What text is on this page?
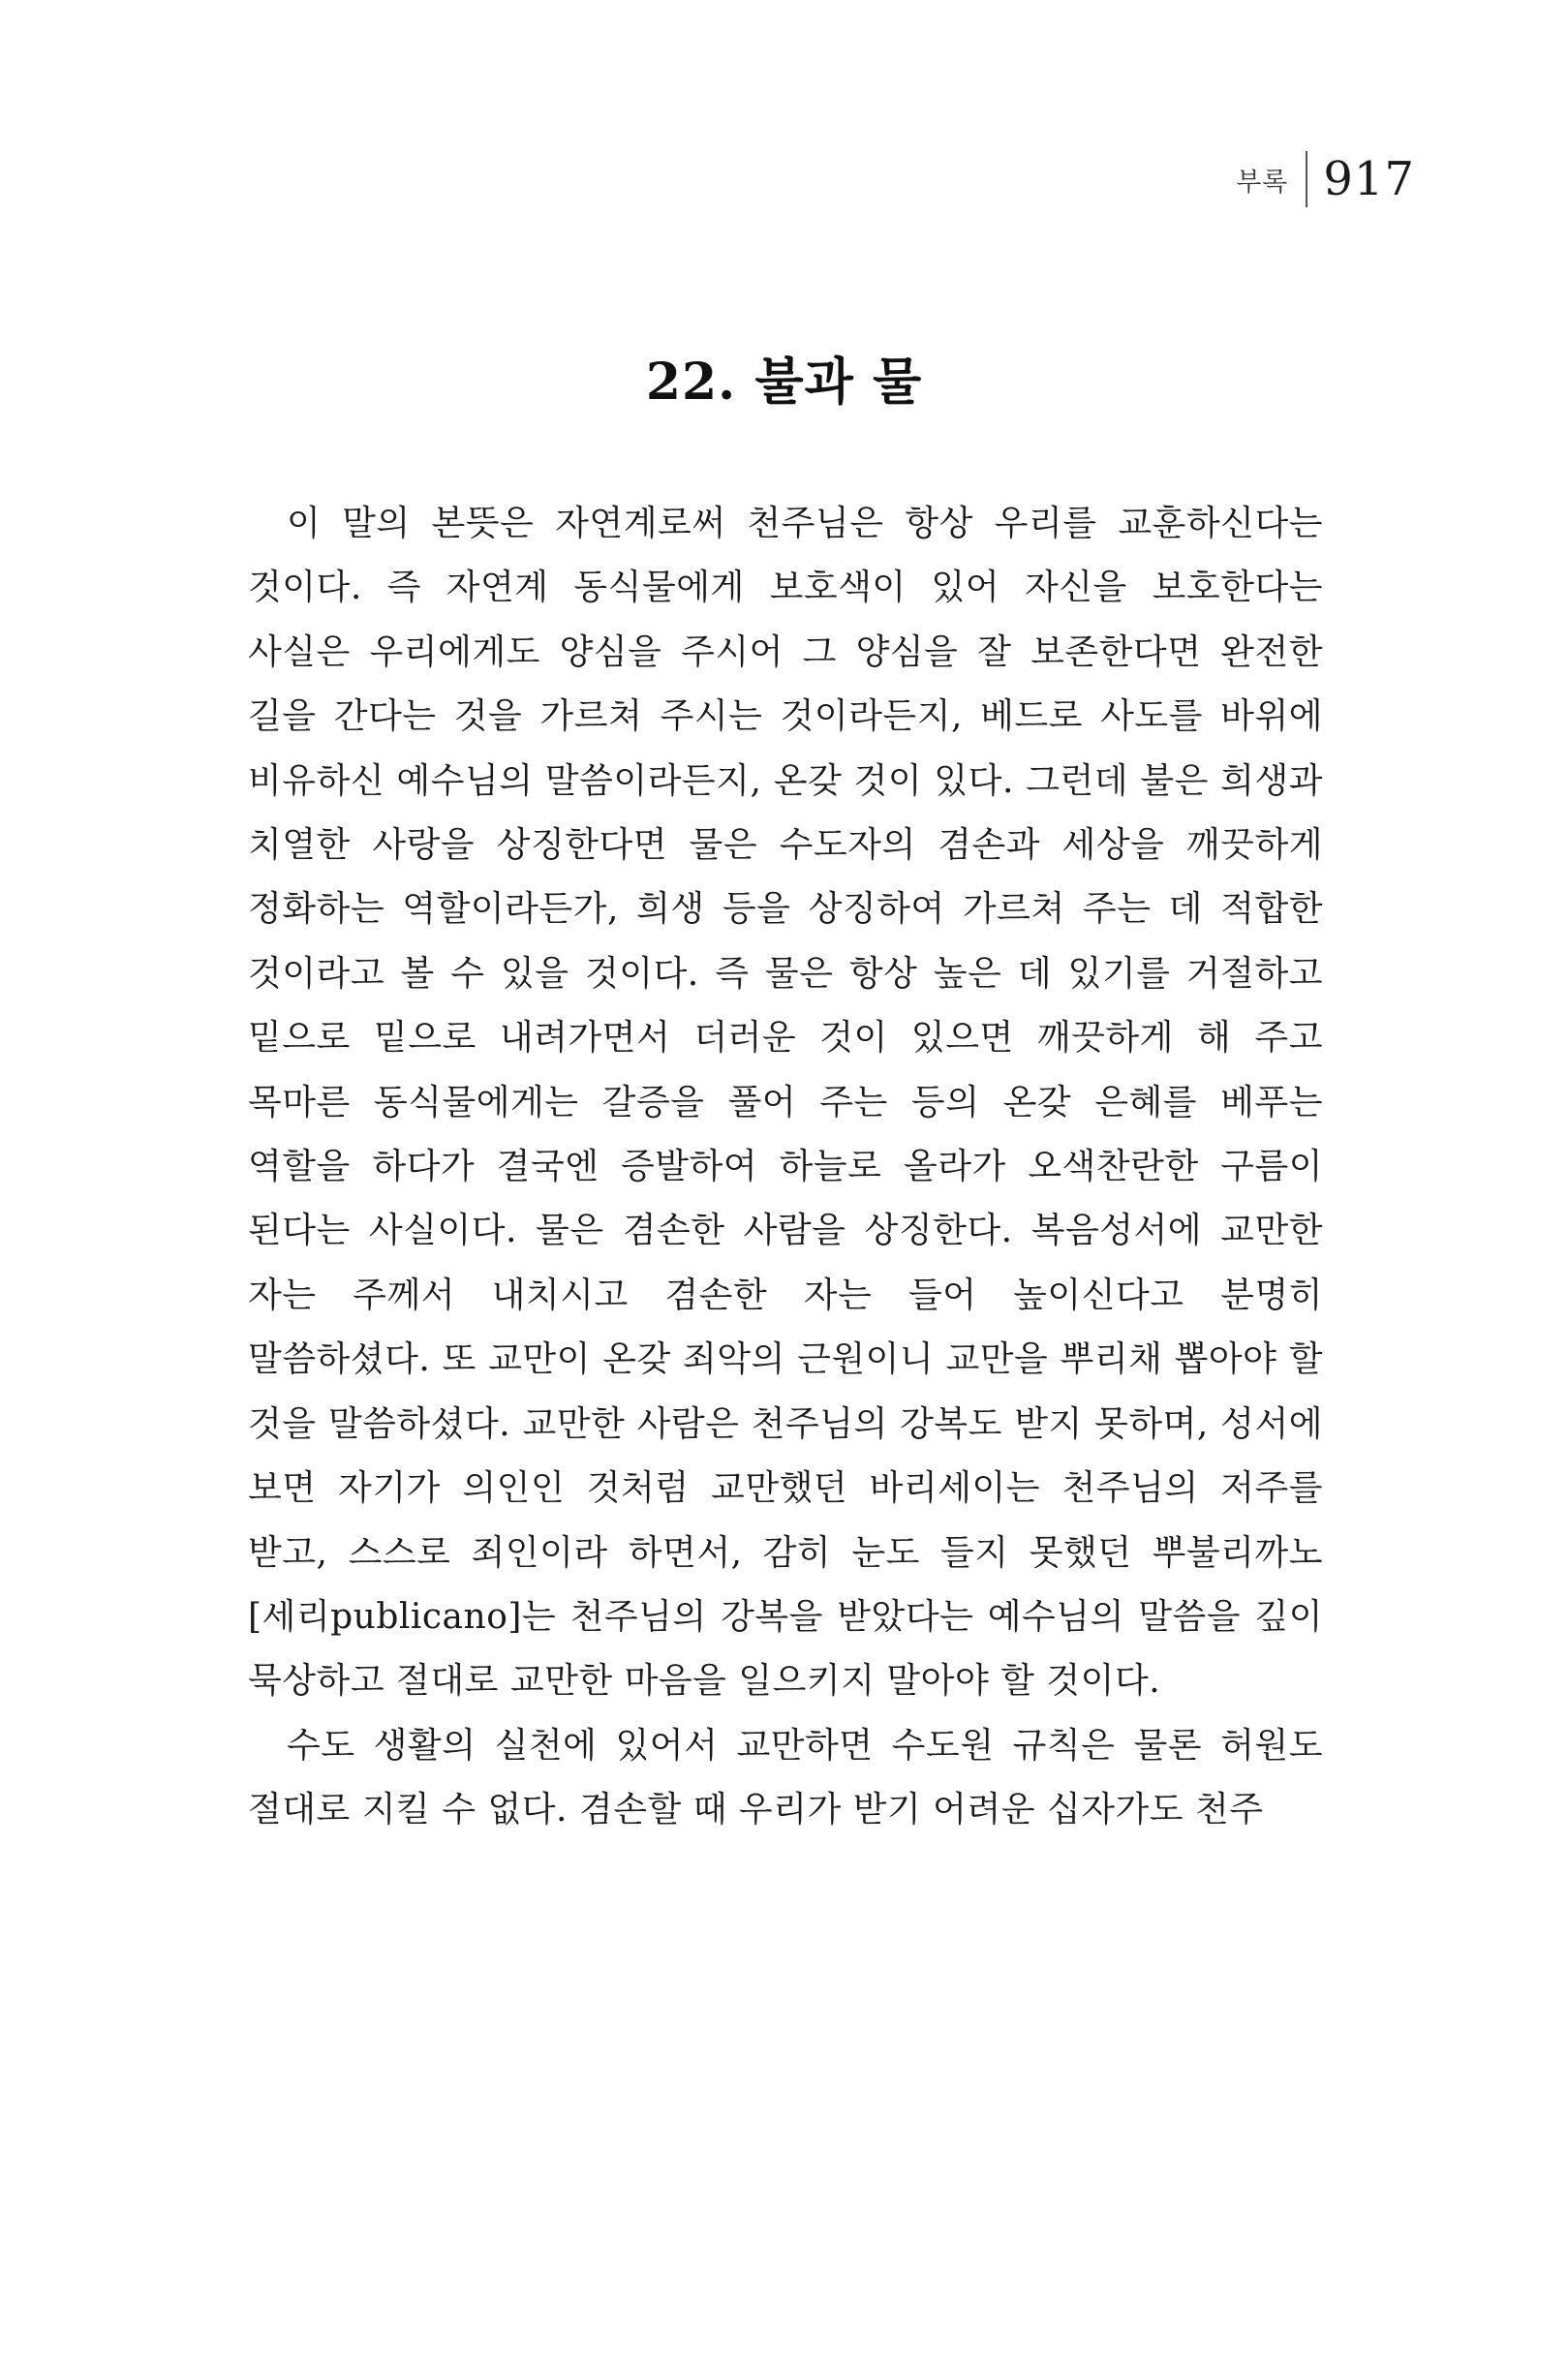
부록 917
22. 불과 물

이 말의 본뜻은 자연계로써 천주님은 항상 우리를 교훈하신다는 것이다. 즉 자연계 동식물에게 보호색이 있어 자신을 보호한다는 사실은 우리에게도 양심을 주시어 그 양심을 잘 보존한다면 완전한 길을 간다는 것을 가르쳐 주시는 것이라든지, 베드로 사도를 바위에 비유하신 예수님의 말씀이라든지, 온갖 것이 있다. 그런데 불은 희생과 치열한 사랑을 상징한다면 물은 수도자의 겸손과 세상을 깨끗하게 정화하는 역할이라든가, 희생 등을 상징하여 가르쳐 주는 데 적합한 것이라고 볼 수 있을 것이다. 즉 물은 항상 높은 데 있기를 거절하고 밑으로 밑으로 내려가면서 더러운 것이 있으면 깨끗하게 해 주고 목마른 동식물에게는 갈증을 풀어 주는 등의 온갖 은혜를 베푸는 역할을 하다가 결국엔 증발하여 하늘로 올라가 오색찬란한 구름이 된다는 사실이다. 물은 겸손한 사람을 상징한다. 복음성서에 교만한 자는 주께서 내치시고 겸손한 자는 들어 높이신다고 분명히 말씀하셨다. 또 교만이 온갖 죄악의 근원이니 교만을 뿌리채 뽑아야 할 것을 말씀하셨다. 교만한 사람은 천주님의 강복도 받지 못하며, 성서에 보면 자기가 의인인 것처럼 교만했던 바리세이는 천주님의 저주를 받고, 스스로 죄인이라 하면서, 감히 눈도 들지 못했던 뿌불리까노[세리publicano]는 천주님의 강복을 받았다는 예수님의 말씀을 깊이 묵상하고 절대로 교만한 마음을 일으키지 말아야 할 것이다.

수도 생활의 실천에 있어서 교만하면 수도원 규칙은 물론 허원도 절대로 지킬 수 없다. 겸손할 때 우리가 받기 어려운 십자가도 천주
